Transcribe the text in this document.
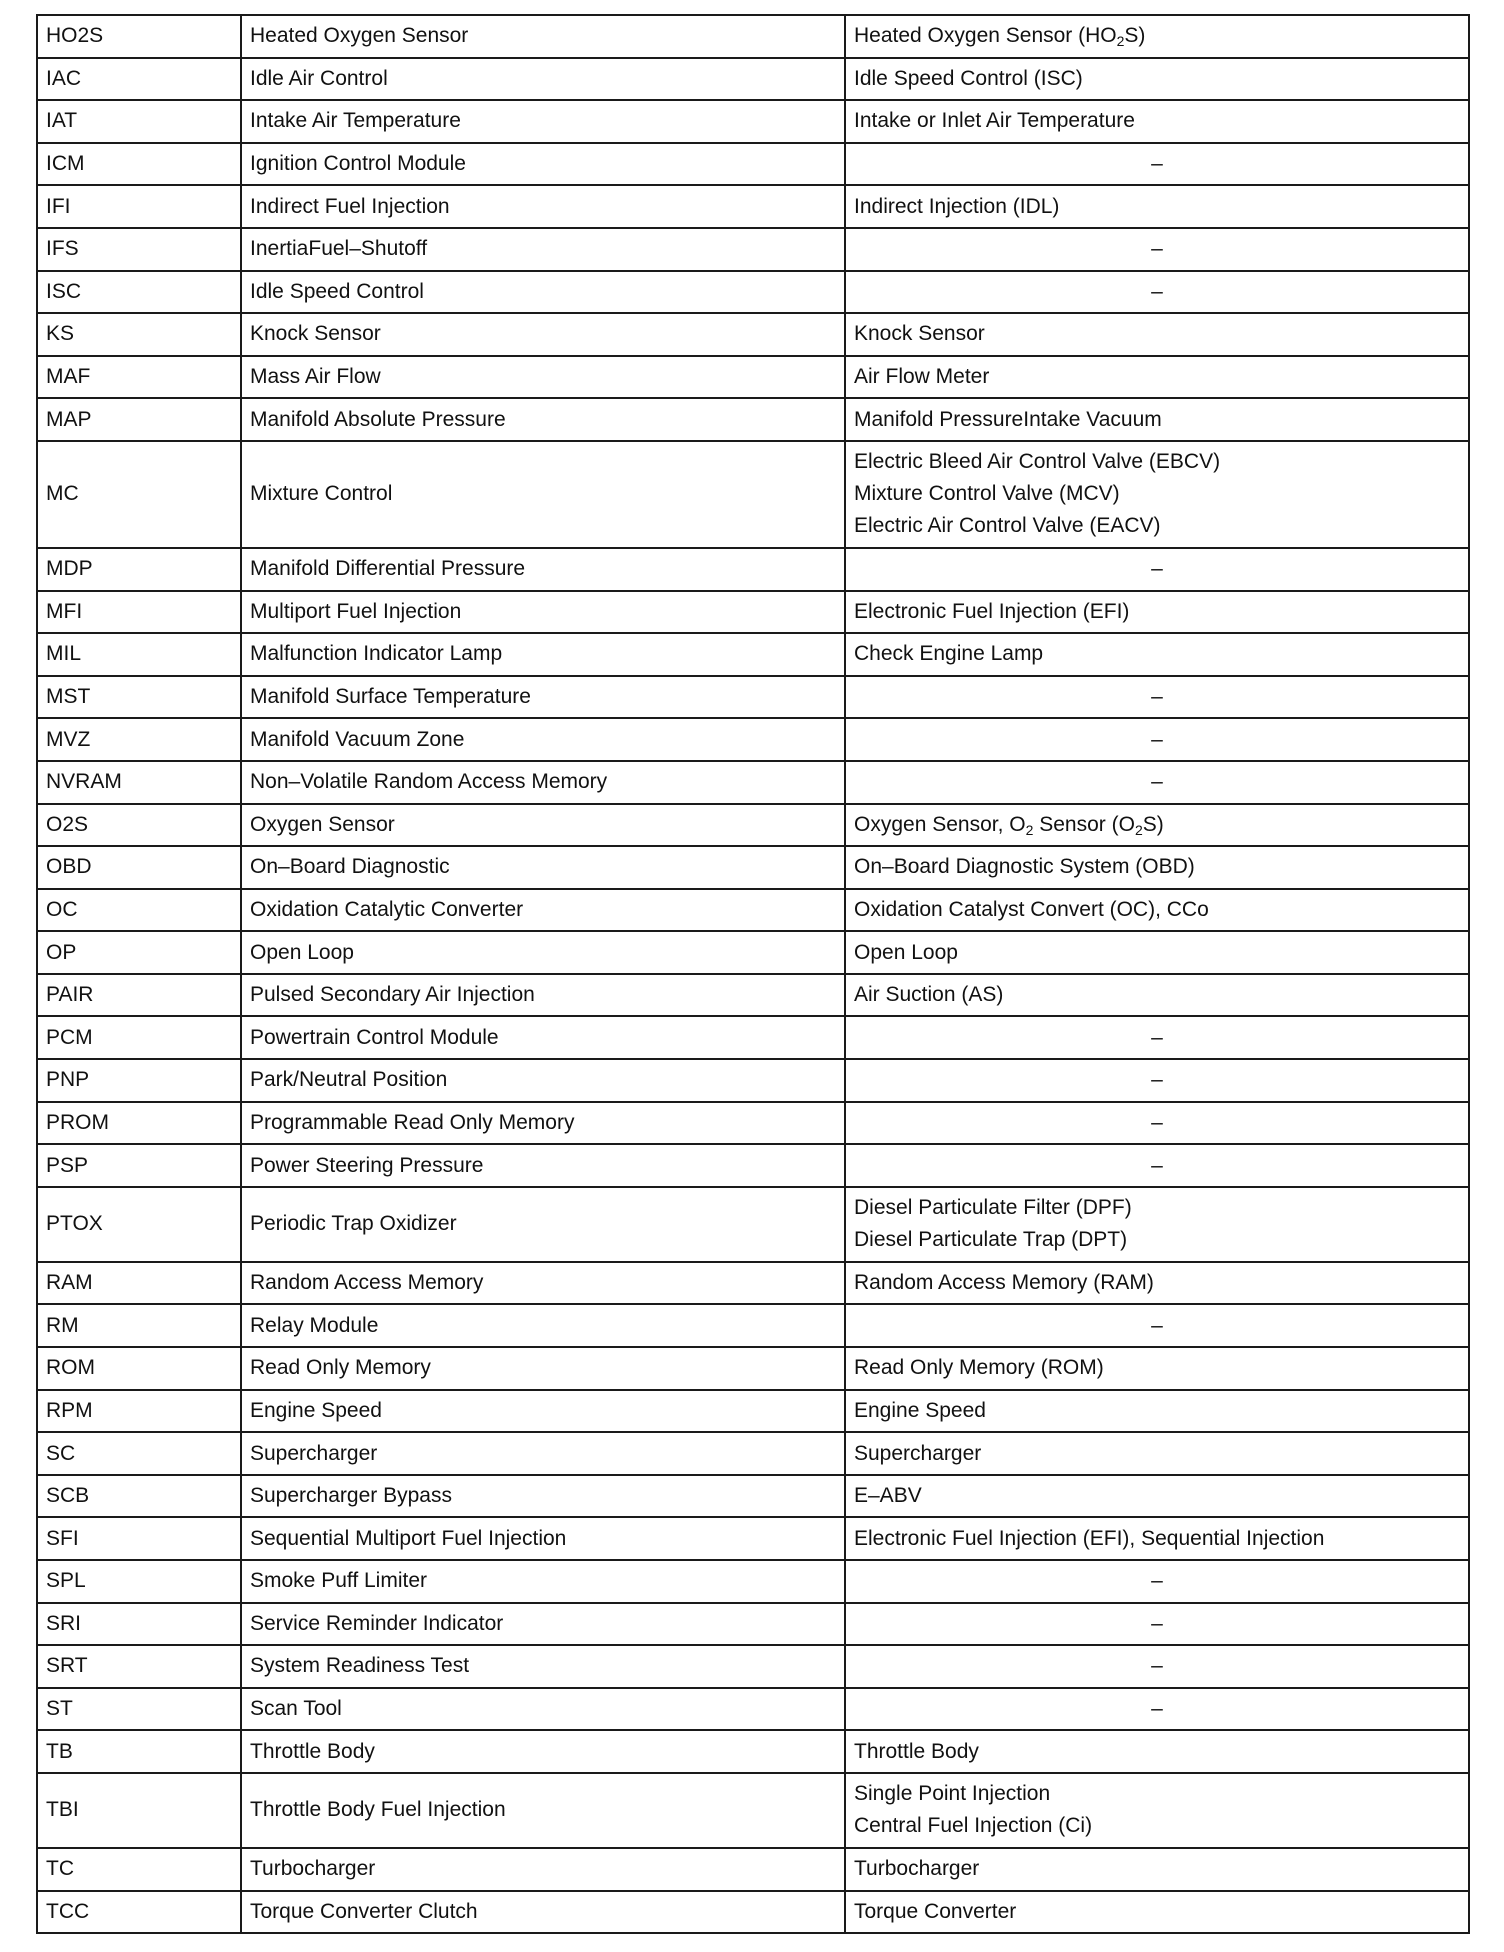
HO2S	Heated Oxygen Sensor	Heated Oxygen Sensor $(HO_2S)$

IAC	Idle Air Control	Idle Speed Control (ISC)

IAT	Intake Air Temperature	Intake or Inlet Air Temperature

ICM	Ignition Control Module	–

IFI	Indirect Fuel Injection	Indirect Injection (IDL)

IFS	InertiaFuel–Shutoff	–

ISC	Idle Speed Control	–

KS	Knock Sensor	Knock Sensor

MAF	Mass Air Flow	Air Flow Meter

MAP	Manifold Absolute Pressure	Manifold PressureIntake Vacuum

MC	Mixture Control	Electric Bleed Air Control Valve (EBCV)
Mixture Control Valve (MCV)
Electric Air Control Valve (EACV)

MDP	Manifold Differential Pressure	–

MFI	Multiport Fuel Injection	Electronic Fuel Injection (EFI)

MIL	Malfunction Indicator Lamp	Check Engine Lamp

MST	Manifold Surface Temperature	–

MVZ	Manifold Vacuum Zone	–

NVRAM	Non–Volatile Random Access Memory	–

O2S	Oxygen Sensor	Oxygen Sensor, $O_2$ Sensor $(O_2S)$

OBD	On–Board Diagnostic	On–Board Diagnostic System (OBD)

OC	Oxidation Catalytic Converter	Oxidation Catalyst Convert (OC), CCo

OP	Open Loop	Open Loop

PAIR	Pulsed Secondary Air Injection	Air Suction (AS)

PCM	Powertrain Control Module	–

PNP	Park/Neutral Position	–

PROM	Programmable Read Only Memory	–

PSP	Power Steering Pressure	–

PTOX	Periodic Trap Oxidizer	Diesel Particulate Filter (DPF)
Diesel Particulate Trap (DPT)

RAM	Random Access Memory	Random Access Memory (RAM)

RM	Relay Module	–

ROM	Read Only Memory	Read Only Memory (ROM)

RPM	Engine Speed	Engine Speed

SC	Supercharger	Supercharger

SCB	Supercharger Bypass	E–ABV

SFI	Sequential Multiport Fuel Injection	Electronic Fuel Injection (EFI), Sequential Injection

SPL	Smoke Puff Limiter	–

SRI	Service Reminder Indicator	–

SRT	System Readiness Test	–

ST	Scan Tool	–

TB	Throttle Body	Throttle Body

TBI	Throttle Body Fuel Injection	Single Point Injection
Central Fuel Injection (Ci)

TC	Turbocharger	Turbocharger

TCC	Torque Converter Clutch	Torque Converter
